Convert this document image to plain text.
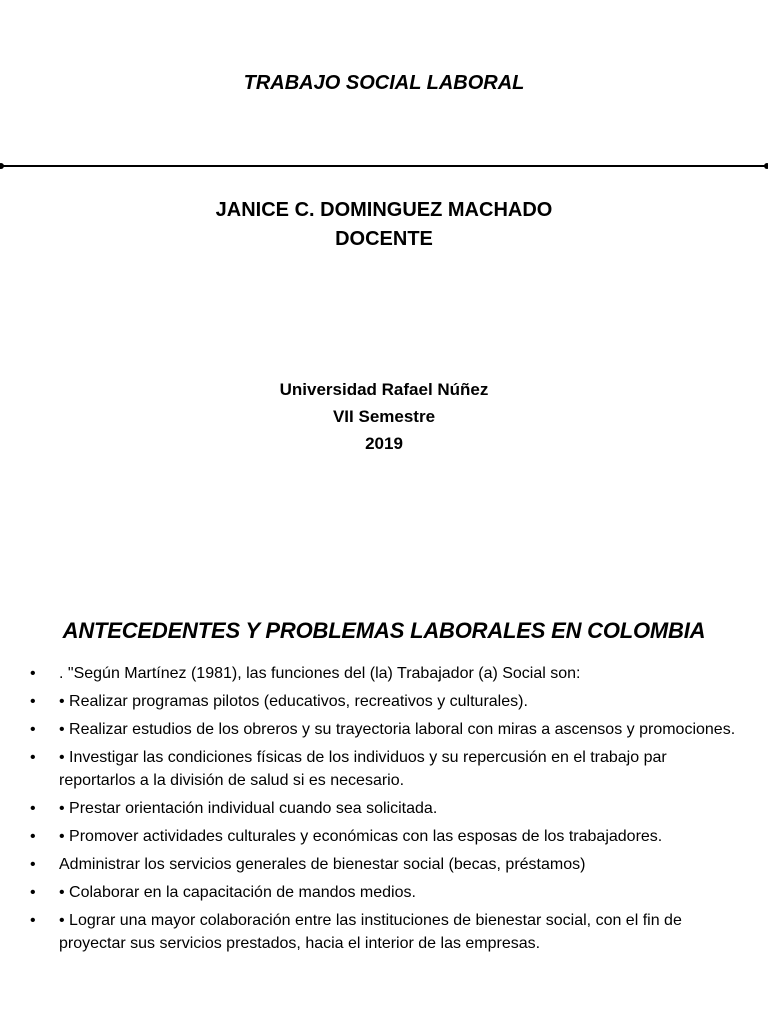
TRABAJO SOCIAL LABORAL
JANICE C. DOMINGUEZ MACHADO
DOCENTE
Universidad Rafael Núñez
VII Semestre
2019
ANTECEDENTES Y PROBLEMAS LABORALES EN COLOMBIA
•	. "Según Martínez (1981), las funciones del (la) Trabajador (a) Social son:
•	• Realizar programas pilotos (educativos, recreativos y culturales).
•	• Realizar estudios de los obreros y su trayectoria laboral con miras a ascensos y promociones.
•	• Investigar las condiciones físicas de los individuos y su repercusión en el trabajo par reportarlos a la división de salud si es necesario.
•	• Prestar orientación individual cuando sea solicitada.
•	• Promover actividades culturales y económicas con las esposas de los trabajadores.
•	Administrar los servicios generales de bienestar social (becas, préstamos)
•	• Colaborar en la capacitación de mandos medios.
•	• Lograr una mayor colaboración entre las instituciones de bienestar social, con el fin de proyectar sus servicios prestados, hacia el interior de las empresas.
